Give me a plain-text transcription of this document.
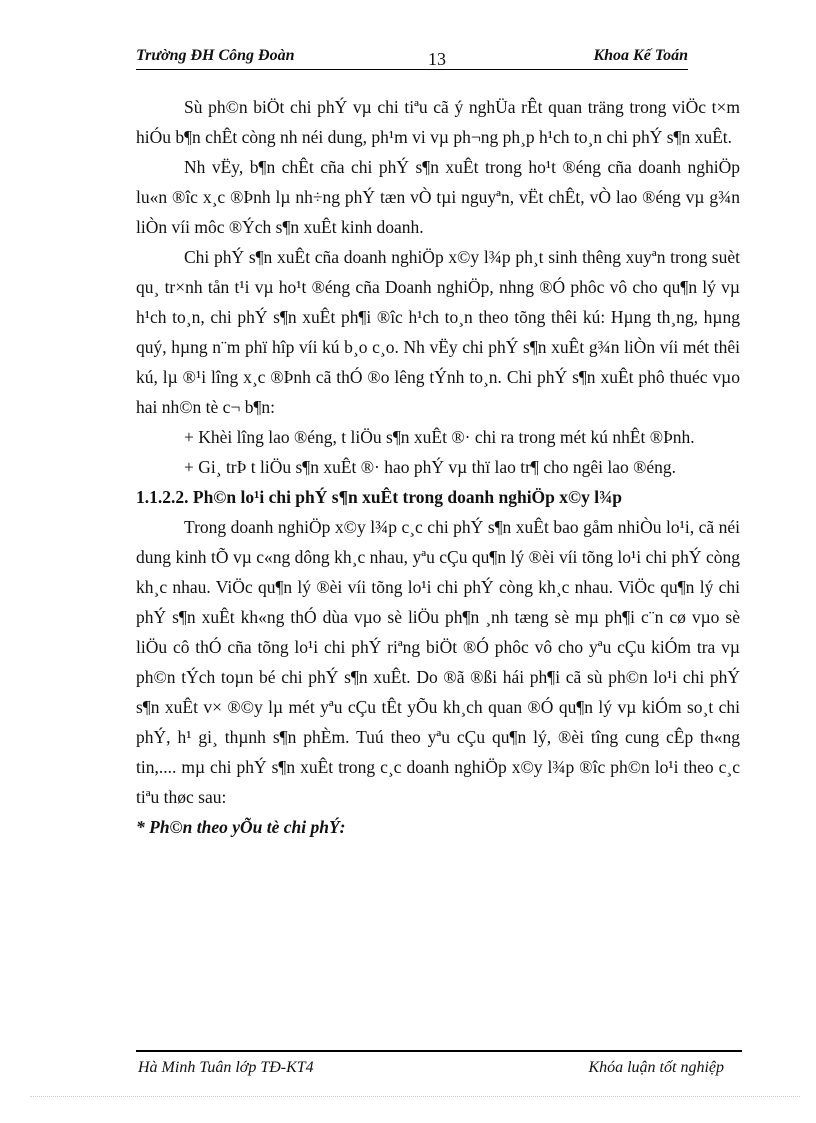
Trường ĐH Công Đoàn	13	Khoa Kế Toán

Sù ph©n biÖt chi phÝ vµ chi tiªu cã ý nghÜa rÊt quan träng trong viÖc t×m hiÓu b¶n chÊt còng nh néi dung, ph¹m vi vµ ph¬ng ph¸p h¹ch to¸n chi phÝ s¶n xuÊt.

Nh vËy, b¶n chÊt cña chi phÝ s¶n xuÊt trong ho¹t ®éng cña doanh nghiÖp lu«n ®îc x¸c ®Þnh lµ nh÷ng phÝ tæn vÒ tµi nguyªn, vËt chÊt, vÒ lao ®éng vµ g¾n liÒn víi môc ®Ých s¶n xuÊt kinh doanh.

Chi phÝ s¶n xuÊt cña doanh nghiÖp x©y l¾p ph¸t sinh thêng xuyªn trong suèt qu¸ tr×nh tån t¹i vµ ho¹t ®éng cña Doanh nghiÖp, nhng ®Ó phôc vô cho qu¶n lý vµ h¹ch to¸n, chi phÝ s¶n xuÊt ph¶i ®îc h¹ch to¸n theo tõng thêi kú: Hµng th¸ng, hµng quý, hµng n¨m phï hîp víi kú b¸o c¸o. Nh vËy chi phÝ s¶n xuÊt g¾n liÒn víi mét thêi kú, lµ ®¹i lîng x¸c ®Þnh cã thÓ ®o lêng tÝnh to¸n. Chi phÝ s¶n xuÊt phô thuéc vµo hai nh©n tè c¬ b¶n:

+ Khèi lîng lao ®éng, t liÖu s¶n xuÊt ®· chi ra trong mét kú nhÊt ®Þnh.

+ Gi¸ trÞ t liÖu s¶n xuÊt ®· hao phÝ vµ thï lao tr¶ cho ngêi lao ®éng.

1.1.2.2. Ph©n lo¹i chi phÝ s¶n xuÊt trong doanh nghiÖp x©y l¾p

Trong doanh nghiÖp x©y l¾p c¸c chi phÝ s¶n xuÊt bao gåm nhiÒu lo¹i, cã néi dung kinh tÕ vµ c«ng dông kh¸c nhau, yªu cÇu qu¶n lý ®èi víi tõng lo¹i chi phÝ còng kh¸c nhau. ViÖc qu¶n lý ®èi víi tõng lo¹i chi phÝ còng kh¸c nhau. ViÖc qu¶n lý chi phÝ s¶n xuÊt kh«ng thÓ dùa vµo sè liÖu ph¶n ¸nh tæng sè mµ ph¶i c¨n cø vµo sè liÖu cô thÓ cña tõng lo¹i chi phÝ riªng biÖt ®Ó phôc vô cho yªu cÇu kiÓm tra vµ ph©n tÝch toµn bé chi phÝ s¶n xuÊt. Do ®ã ®ßi hái ph¶i cã sù ph©n lo¹i chi phÝ s¶n xuÊt v× ®©y lµ mét yªu cÇu tÊt yÕu kh¸ch quan ®Ó qu¶n lý vµ kiÓm so¸t chi phÝ, h¹ gi¸ thµnh s¶n phÈm. Tuú theo yªu cÇu qu¶n lý, ®èi tîng cung cÊp th«ng tin,.... mµ chi phÝ s¶n xuÊt trong c¸c doanh nghiÖp x©y l¾p ®îc ph©n lo¹i theo c¸c tiªu thøc sau:

* Ph©n theo yÕu tè chi phÝ:
Hà Minh Tuân lớp TĐ-KT4	Khóa luận tốt nghiệp
